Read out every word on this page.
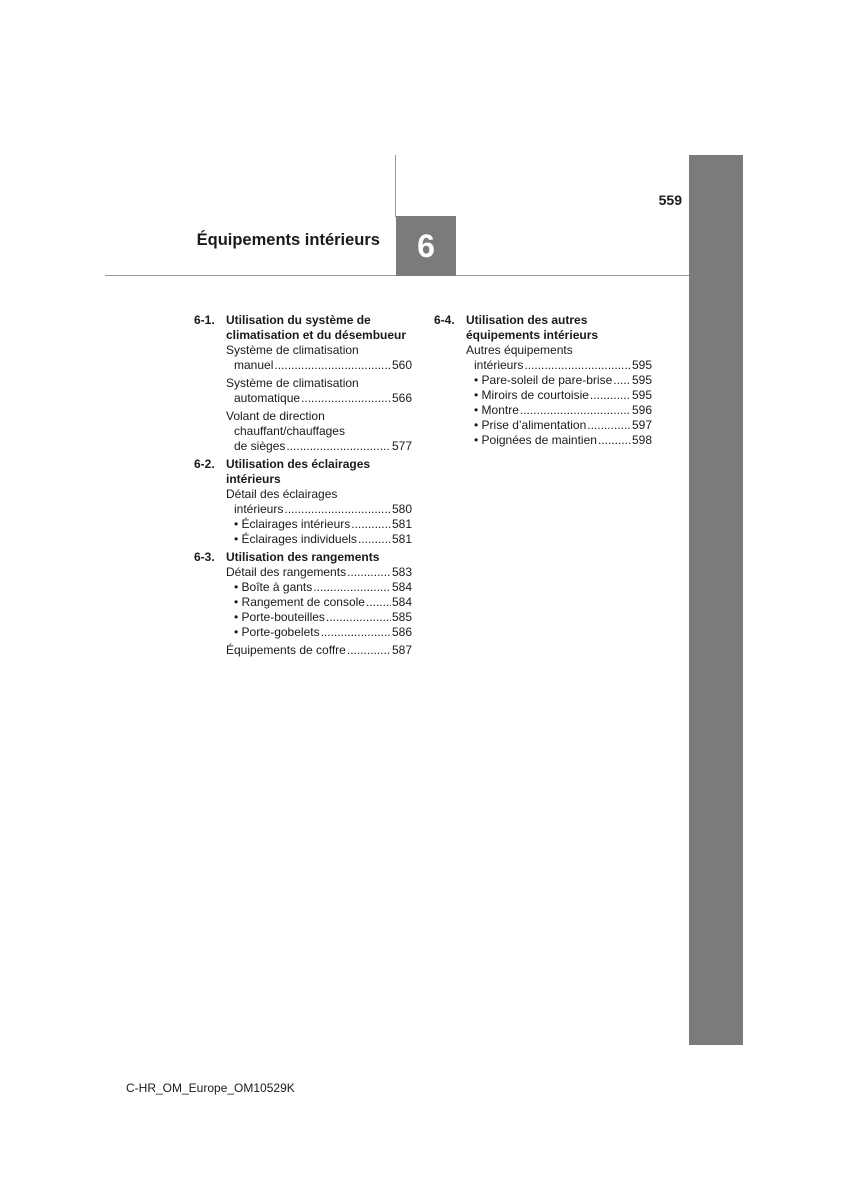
559
Équipements intérieurs	6
6-1. Utilisation du système de climatisation et du désembueur
Système de climatisation
manuel .....	560
Système de climatisation
automatique .....	566
Volant de direction
chauffant/chauffages
de sièges .....	577
6-2. Utilisation des éclairages intérieurs
Détail des éclairages
intérieurs .....	580
• Éclairages intérieurs .....	581
• Éclairages individuels .....	581
6-3. Utilisation des rangements
Détail des rangements .....	583
• Boîte à gants .....	584
• Rangement de console ..... 584
• Porte-bouteilles .....	585
• Porte-gobelets .....	586
Équipements de coffre .....	587
6-4. Utilisation des autres équipements intérieurs
Autres équipements
intérieurs .....	595
• Pare-soleil de pare-brise ..... 595
• Miroirs de courtoisie .....	595
• Montre .....	596
• Prise d’alimentation .....	597
• Poignées de maintien .....	598
C-HR_OM_Europe_OM10529K
